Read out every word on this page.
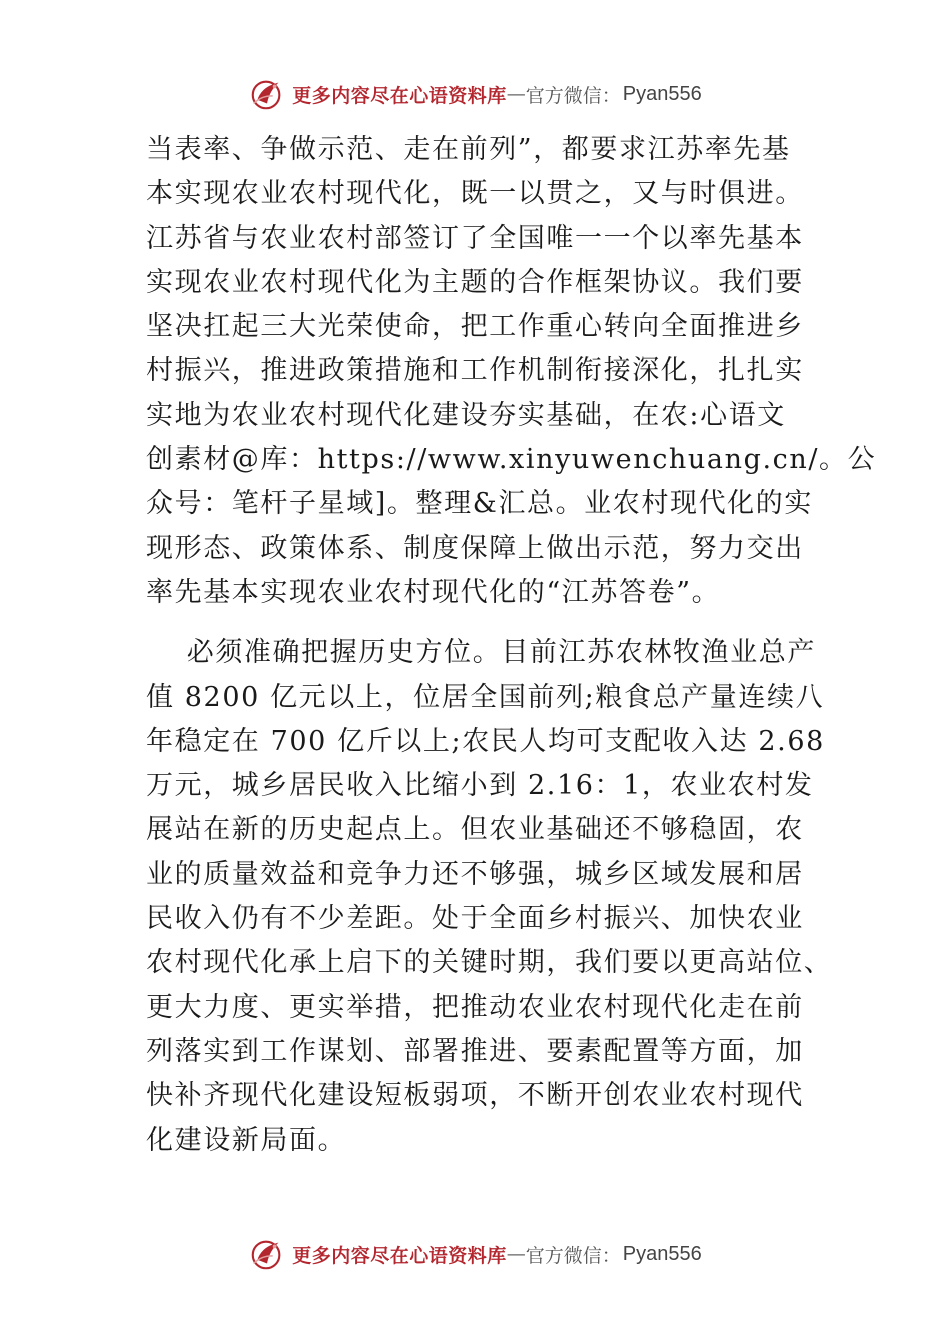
更多内容尽在心语资料库 — 官方微信： Pyan556
当表率、争做示范、走在前列”，都要求江苏率先基
本实现农业农村现代化，既一以贯之，又与时俱进。
江苏省与农业农村部签订了全国唯一一个以率先基本
实现农业农村现代化为主题的合作框架协议。我们要
坚决扛起三大光荣使命，把工作重心转向全面推进乡
村振兴，推进政策措施和工作机制衔接深化，扎扎实
实地为农业农村现代化建设夯实基础，在农:心语文
创素材@库：https://www.xinyuwenchuang.cn/。公
众号：笔杆子星域]。整理&汇总。业农村现代化的实
现形态、政策体系、制度保障上做出示范，努力交出
率先基本实现农业农村现代化的“江苏答卷”。
必须准确把握历史方位。目前江苏农林牧渔业总产
值 8200 亿元以上，位居全国前列;粮食总产量连续八
年稳定在 700 亿斤以上;农民人均可支配收入达 2.68
万元，城乡居民收入比缩小到 2.16：1，农业农村发
展站在新的历史起点上。但农业基础还不够稳固，农
业的质量效益和竞争力还不够强，城乡区域发展和居
民收入仍有不少差距。处于全面乡村振兴、加快农业
农村现代化承上启下的关键时期，我们要以更高站位、
更大力度、更实举措，把推动农业农村现代化走在前
列落实到工作谋划、部署推进、要素配置等方面，加
快补齐现代化建设短板弱项，不断开创农业农村现代
化建设新局面。
更多内容尽在心语资料库 — 官方微信： Pyan556
